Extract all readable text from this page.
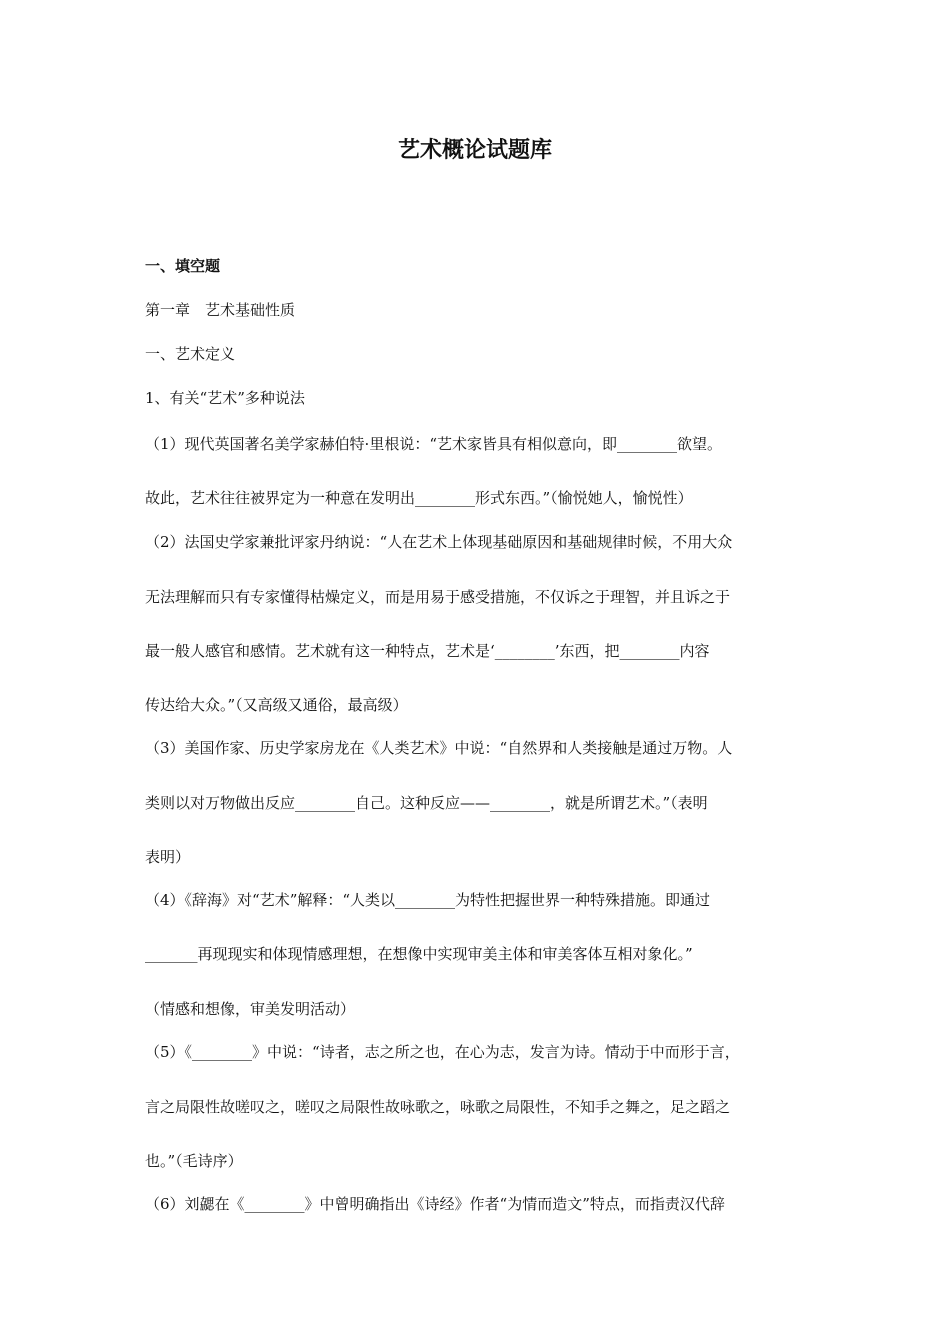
艺术概论试题库
一、填空题
第一章　艺术基础性质
一、艺术定义
1、有关“艺术”多种说法
（1）现代英国著名美学家赫伯特·里根说：“艺术家皆具有相似意向，即________欲望。
故此，艺术往往被界定为一种意在发明出________形式东西。”（愉悦她人，愉悦性）
（2）法国史学家兼批评家丹纳说：“人在艺术上体现基础原因和基础规律时候，不用大众
无法理解而只有专家懂得枯燥定义，而是用易于感受措施，不仅诉之于理智，并且诉之于
最一般人感官和感情。艺术就有这一种特点，艺术是‘________’东西，把________内容
传达给大众。”（又高级又通俗，最高级）
（3）美国作家、历史学家房龙在《人类艺术》中说：“自然界和人类接触是通过万物。人
类则以对万物做出反应________自己。这种反应——________，就是所谓艺术。”（表明
表明）
（4）《辞海》对“艺术”解释：“人类以________为特性把握世界一种特殊措施。即通过
_______再现现实和体现情感理想，在想像中实现审美主体和审美客体互相对象化。”
（情感和想像，审美发明活动）
（5）《________》中说：“诗者，志之所之也，在心为志，发言为诗。情动于中而形于言，
言之局限性故嗟叹之，嗟叹之局限性故咏歌之，咏歌之局限性，不知手之舞之，足之蹈之
也。”（毛诗序）
（6）刘勰在《________》中曾明确指出《诗经》作者“为情而造文”特点，而指责汉代辞
